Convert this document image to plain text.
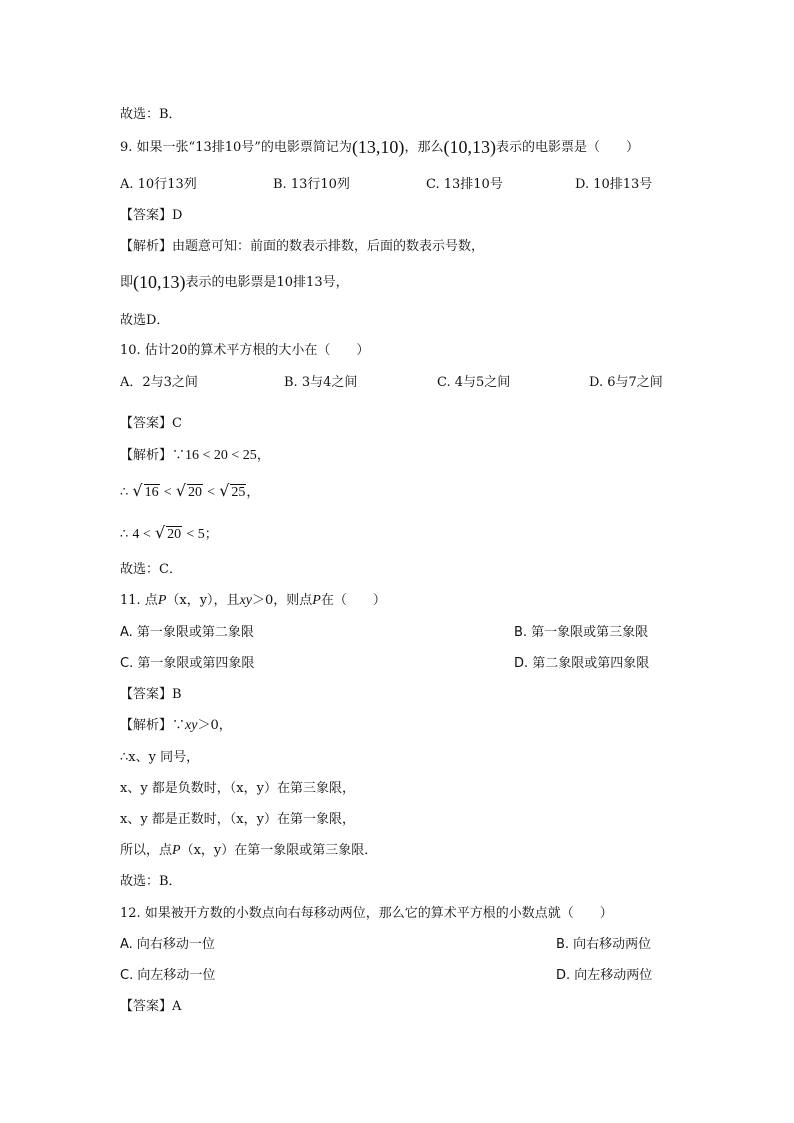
故选：B．
9. 如果一张“13排10号”的电影票简记为(13,10)，那么(10,13)表示的电影票是（　　）
A. 10行13列	B. 13行10列	C. 13排10号	D. 10排13号
【答案】D
【解析】由题意可知：前面的数表示排数，后面的数表示号数，
即(10,13)表示的电影票是10排13号，
故选D．
10. 估计20的算术平方根的大小在（　　）
A．2与3之间	B. 3与4之间	C. 4与5之间	D. 6与7之间
【答案】C
【解析】∵16 < 20 < 25，
∴ √ 16 < √ 20 < √ 25，
∴ 4 < √ 20 < 5；
故选：C．
11. 点P（x，y），且xy＞0，则点P在（　　）
A. 第一象限或第二象限	B. 第一象限或第三象限
C. 第一象限或第四象限	D. 第二象限或第四象限
【答案】B
【解析】∵xy＞0，
∴x、y 同号，
x、y 都是负数时，（x，y）在第三象限，
x、y 都是正数时，（x，y）在第一象限，
所以，点P（x，y）在第一象限或第三象限．
故选：B．
12. 如果被开方数的小数点向右每移动两位，那么它的算术平方根的小数点就（　　）
A. 向右移动一位	B. 向右移动两位
C. 向左移动一位	D. 向左移动两位
【答案】A
